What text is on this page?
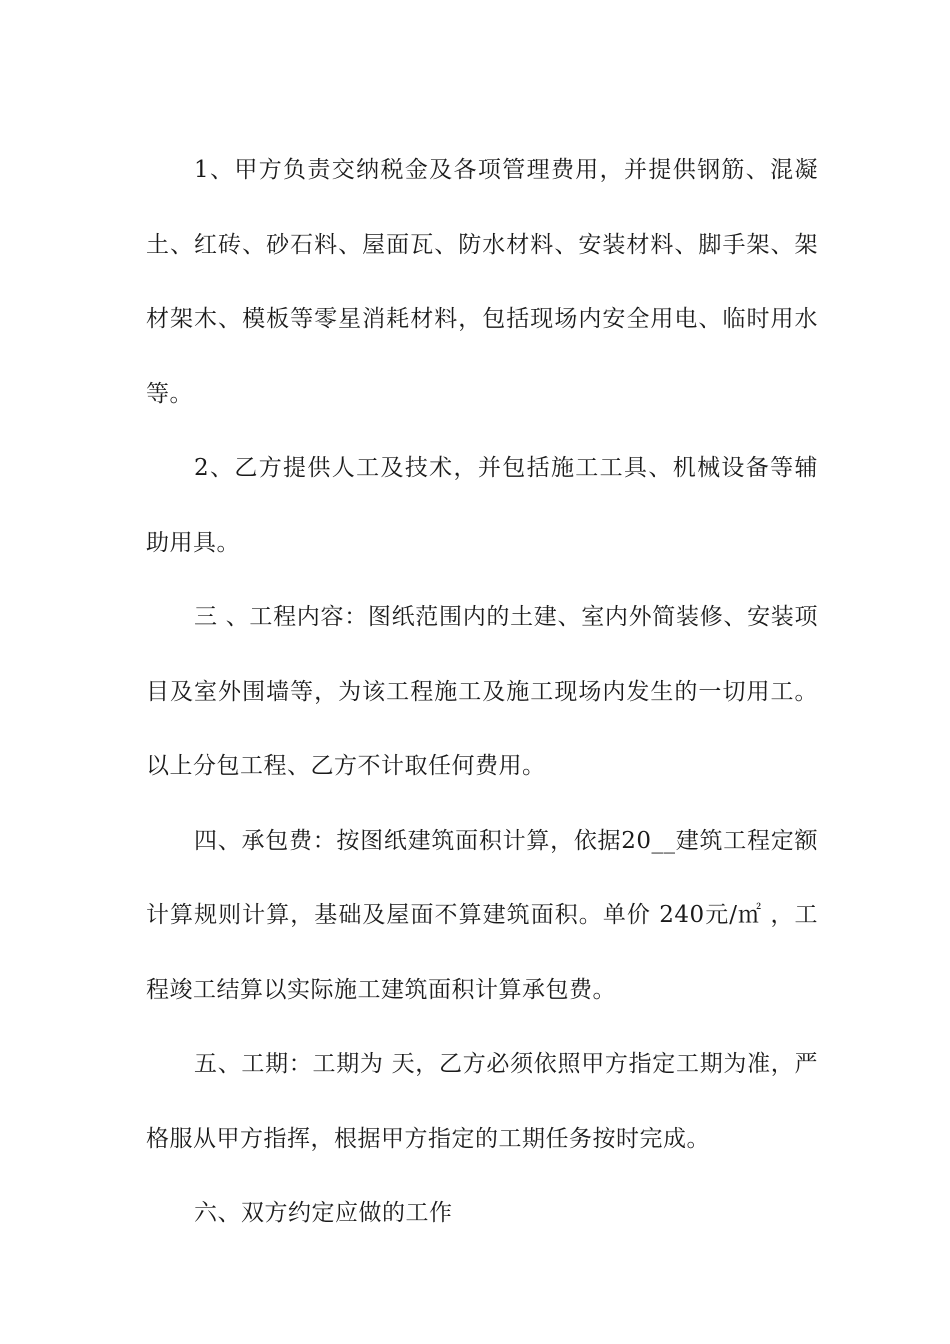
1、甲方负责交纳税金及各项管理费用，并提供钢筋、混凝土、红砖、砂石料、屋面瓦、防水材料、安装材料、脚手架、架材架木、模板等零星消耗材料，包括现场内安全用电、临时用水等。

2、乙方提供人工及技术，并包括施工工具、机械设备等辅助用具。

三 、工程内容：图纸范围内的土建、室内外简装修、安装项目及室外围墙等，为该工程施工及施工现场内发生的一切用工。以上分包工程、乙方不计取任何费用。

四、承包费：按图纸建筑面积计算，依据20__建筑工程定额计算规则计算，基础及屋面不算建筑面积。单价 240元/㎡ ，工程竣工结算以实际施工建筑面积计算承包费。

五、工期：工期为 天，乙方必须依照甲方指定工期为准，严格服从甲方指挥，根据甲方指定的工期任务按时完成。

六、双方约定应做的工作
